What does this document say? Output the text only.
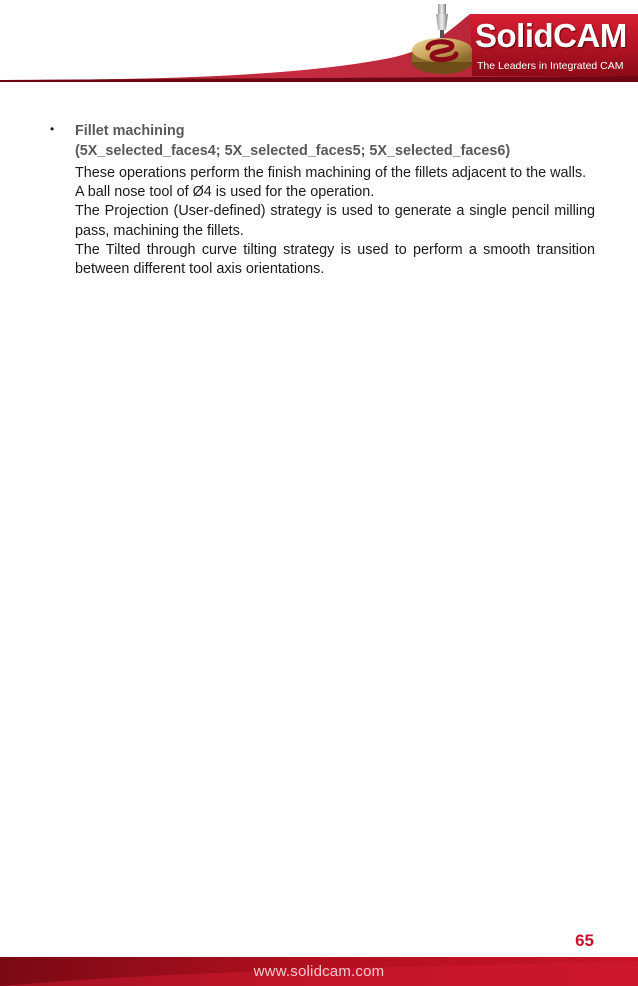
SolidCAM
The Leaders in Integrated CAM
• Fillet machining
(5X_selected_faces4; 5X_selected_faces5; 5X_selected_faces6)

These operations perform the finish machining of the fillets adjacent to the walls.

A ball nose tool of Ø4 is used for the operation.

The Projection (User-defined) strategy is used to generate a single pencil milling pass, machining the fillets.

The Tilted through curve tilting strategy is used to perform a smooth transition between different tool axis orientations.

65
www.solidcam.com
